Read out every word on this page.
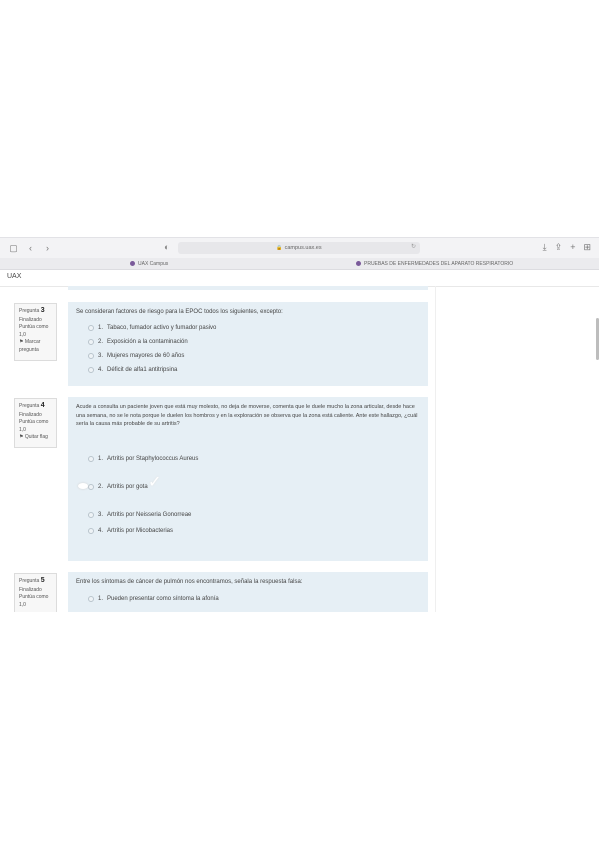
▢	‹	›	◐	🔒 campus.uax.es	↻	⤓ ⇪ + ⊞
UAX Campus	PRUEBAS DE ENFERMEDADES DEL APARATO RESPIRATORIO
UAX
Pregunta 3
Finalizado
Puntúa como 1,0
⚑ Marcar pregunta
Se consideran factores de riesgo para la EPOC todos los siguientes, excepto:
1. Tabaco, fumador activo y fumador pasivo
2. Exposición a la contaminación
3. Mujeres mayores de 60 años
4. Déficit de alfa1 antitripsina
Pregunta 4
Finalizado
Puntúa como 1,0
⚑ Quitar flag
Acude a consulta un paciente joven que está muy molesto, no deja de moverse, comenta que le duele mucho la zona articular, desde hace una semana, no se le nota porque le duelen los hombros y en la exploración se observa que la zona está caliente. Ante este hallazgo, ¿cuál sería la causa más probable de su artritis?
1. Artritis por Staphylococcus Aureus
2. Artritis por gota
3. Artritis por Neisseria Gonorreae
4. Artritis por Micobacterias
✓
Pregunta 5
Finalizado
Puntúa como 1,0
Entre los síntomas de cáncer de pulmón nos encontramos, señala la respuesta falsa:
1. Pueden presentar como síntoma la afonía
